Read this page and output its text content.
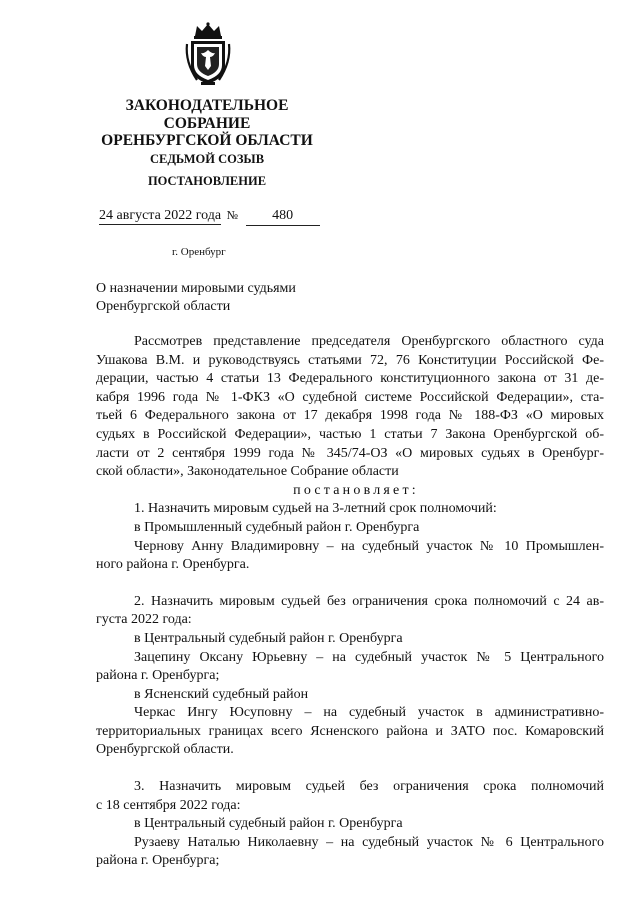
ЗАКОНОДАТЕЛЬНОЕ
СОБРАНИЕ
ОРЕНБУРГСКОЙ ОБЛАСТИ
СЕДЬМОЙ СОЗЫВ
ПОСТАНОВЛЕНИЕ
24 августа 2022 года № 480
г. Оренбург
О назначении мировыми судьями
Оренбургской области
Рассмотрев представление председателя Оренбургского областного суда
Ушакова В.М. и руководствуясь статьями 72, 76 Конституции Российской Фе-
дерации, частью 4 статьи 13 Федерального конституционного закона от 31 де-
кабря 1996 года № 1-ФКЗ «О судебной системе Российской Федерации», ста-
тьей 6 Федерального закона от 17 декабря 1998 года № 188-ФЗ «О мировых
судьях в Российской Федерации», частью 1 статьи 7 Закона Оренбургской об-
ласти от 2 сентября 1999 года № 345/74-ОЗ «О мировых судьях в Оренбург-
ской области», Законодательное Собрание области
постановляет:
1. Назначить мировым судьей на 3-летний срок полномочий:
в Промышленный судебный район г. Оренбурга
Чернову Анну Владимировну – на судебный участок № 10 Промышлен-
ного района г. Оренбурга.
2. Назначить мировым судьей без ограничения срока полномочий с 24 ав-
густа 2022 года:
в Центральный судебный район г. Оренбурга
Зацепину Оксану Юрьевну – на судебный участок № 5 Центрального
района г. Оренбурга;
в Ясненский судебный район
Черкас Ингу Юсуповну – на судебный участок в административно-
территориальных границах всего Ясненского района и ЗАТО пос. Комаровский
Оренбургской области.
3. Назначить мировым судьей без ограничения срока полномочий
с 18 сентября 2022 года:
в Центральный судебный район г. Оренбурга
Рузаеву Наталью Николаевну – на судебный участок № 6 Центрального
района г. Оренбурга;
